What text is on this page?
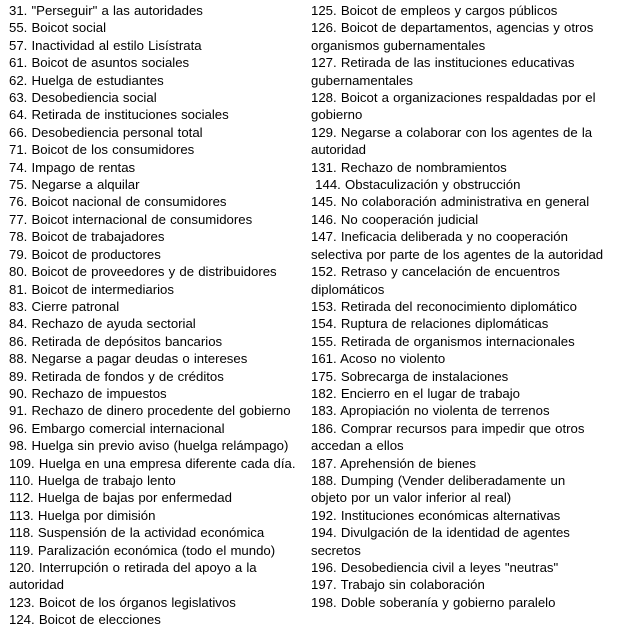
31. "Perseguir" a las autoridades
55. Boicot social
57. Inactividad al estilo Lisístrata
61. Boicot de asuntos sociales
62. Huelga de estudiantes
63. Desobediencia social
64. Retirada de instituciones sociales
66. Desobediencia personal total
71. Boicot de los consumidores
74. Impago de rentas
75. Negarse a alquilar
76. Boicot nacional de consumidores
77. Boicot internacional de consumidores
78. Boicot de trabajadores
79. Boicot de productores
80. Boicot de proveedores y de distribuidores
81. Boicot de intermediarios
83. Cierre patronal
84. Rechazo de ayuda sectorial
86. Retirada de depósitos bancarios
88. Negarse a pagar deudas o intereses
89. Retirada de fondos y de créditos
90. Rechazo de impuestos
91. Rechazo de dinero procedente del gobierno
96. Embargo comercial internacional
98. Huelga sin previo aviso (huelga relámpago)
109. Huelga en una empresa diferente cada día.
110. Huelga de trabajo lento
112. Huelga de bajas por enfermedad
113. Huelga por dimisión
118. Suspensión de la actividad económica
119. Paralización económica (todo el mundo)
120. Interrupción o retirada del apoyo a la autoridad
123. Boicot de los órganos legislativos
124. Boicot de elecciones
125. Boicot de empleos y cargos públicos
126. Boicot de departamentos, agencias y otros organismos gubernamentales
127. Retirada de las instituciones educativas gubernamentales
128. Boicot a organizaciones respaldadas por el gobierno
129. Negarse a colaborar con los agentes de la autoridad
131. Rechazo de nombramientos
144. Obstaculización y obstrucción
145. No colaboración administrativa en general
146. No cooperación judicial
147. Ineficacia deliberada y no cooperación selectiva por parte de los agentes de la autoridad
152. Retraso y cancelación de encuentros diplomáticos
153. Retirada del reconocimiento diplomático
154. Ruptura de relaciones diplomáticas
155. Retirada de organismos internacionales
161. Acoso no violento
175. Sobrecarga de instalaciones
182. Encierro en el lugar de trabajo
183. Apropiación no violenta de terrenos
186. Comprar recursos para impedir que otros accedan a ellos
187. Aprehensión de bienes
188. Dumping (Vender deliberadamente un objeto por un valor inferior al real)
192. Instituciones económicas alternativas
194. Divulgación de la identidad de agentes secretos
196. Desobediencia civil a leyes "neutras"
197. Trabajo sin colaboración
198. Doble soberanía y gobierno paralelo
